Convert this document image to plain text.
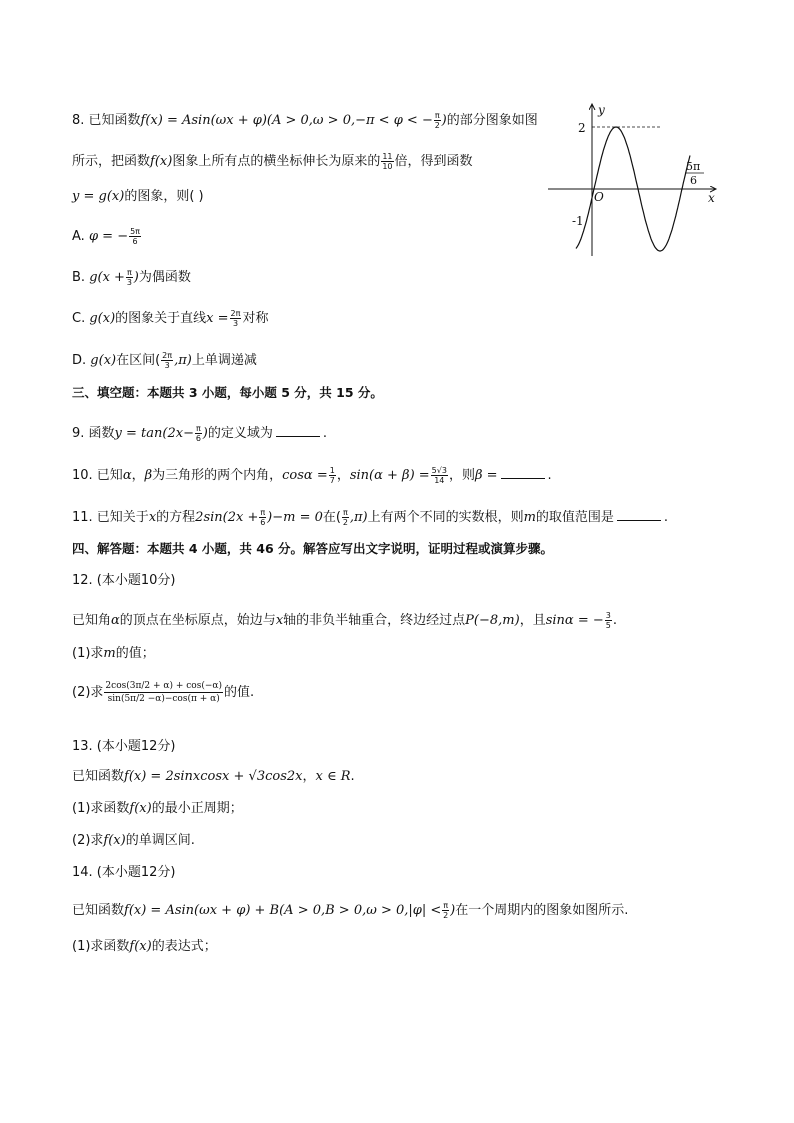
8. 已知函数f(x) = Asin(ωx + φ)(A > 0,ω > 0,−π < φ < − $\frac{\pi}{2}$ )的部分图象如图
所示，把函数f(x)图象上所有点的横坐标伸长为原来的 $\frac{11}{10}$ 倍，得到函数
y = g(x)的图象，则( )
A. φ = − $\frac{5\pi}{6}$
B. $g(x + \frac{\pi}{3}$ )为偶函数
C. g(x)的图象关于直线$x = \frac{2\pi}{3}$ 对称
D. g(x)在区间( $\frac{2\pi}{3} ,\pi$)上单调递减
y
x
O
2
-1
5π
6
三、填空题：本题共 3 小题，每小题 5 分，共 15 分。
9. 函数$y = \tan(2x- \frac{\pi}{6}$ )的定义域为	.
10. 已知α，β为三角形的两个内角，$\cos\alpha = \frac{1}{7}$ ，$\sin(\alpha + \beta) = \frac{5√3}{14}$ ，则β =	.
11. 已知关于x的方程$2\sin(2x + \frac{\pi}{6} )-m = 0$在( $\frac{\pi}{2} ,\pi$)上有两个不同的实数根，则m的取值范围是	.
四、解答题：本题共 4 小题，共 46 分。解答应写出文字说明，证明过程或演算步骤。
12. (本小题10分)
已知角α的顶点在坐标原点，始边与x轴的非负半轴重合，终边经过点P(−8,m)，且sinα = − $\frac{3}{5}$ .
(1)求m的值；
(2)求 $\frac{2\cos(3\pi/2 + \alpha) + \cos(-\alpha)}{\sin(5\pi/2 -\alpha)-\cos(\pi + \alpha)}$ 的值.
13. (本小题12分)
已知函数f(x) = 2sinxcosx + √3cos2x，x ∈ R.
(1)求函数f(x)的最小正周期；
(2)求f(x)的单调区间.
14. (本小题12分)
已知函数$f(x) = Asin(\omega x + \varphi) + B(A > 0,B > 0,\omega > 0,|\varphi| < \frac{\pi}{2}$ )在一个周期内的图象如图所示.
(1)求函数f(x)的表达式；
